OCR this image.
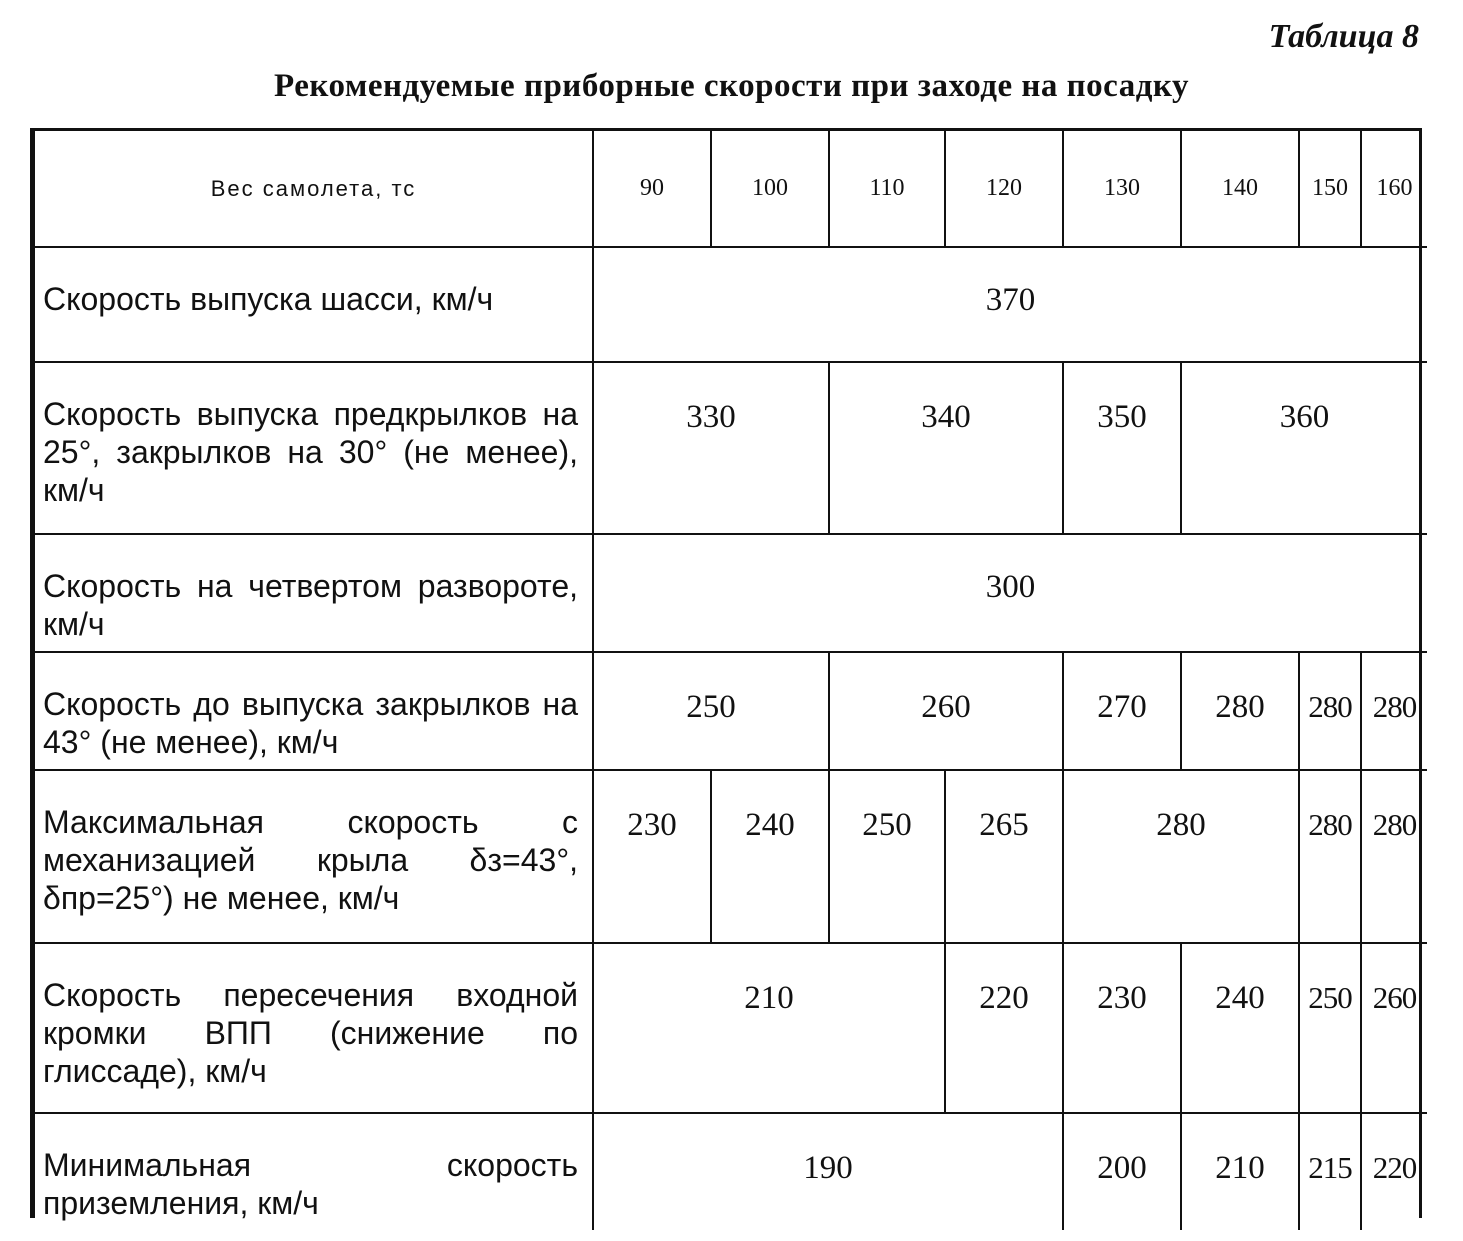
Таблица 8
Рекомендуемые приборные скорости при заходе на посадку
Вес самолета, тс	90	100	110	120	130	140	150	160
Скорость выпуска шасси, км/ч	370							
Скорость выпуска предкрылков на 25°, закрылков на 30° (не менее), км/ч	330		340		350	360		
Скорость на четвертом развороте, км/ч	300							
Скорость до выпуска закрылков на 43° (не менее), км/ч	250		260		270	280	280	280
Максимальная скорость с механизацией крыла δз=43°, δпр=25°) не менее, км/ч	230	240	250	265	280		280	280
Скорость пересечения входной кромки ВПП (снижение по глиссаде), км/ч	210			220	230	240	250	260
Минимальная скорость приземления, км/ч	190				200	210	215	220
